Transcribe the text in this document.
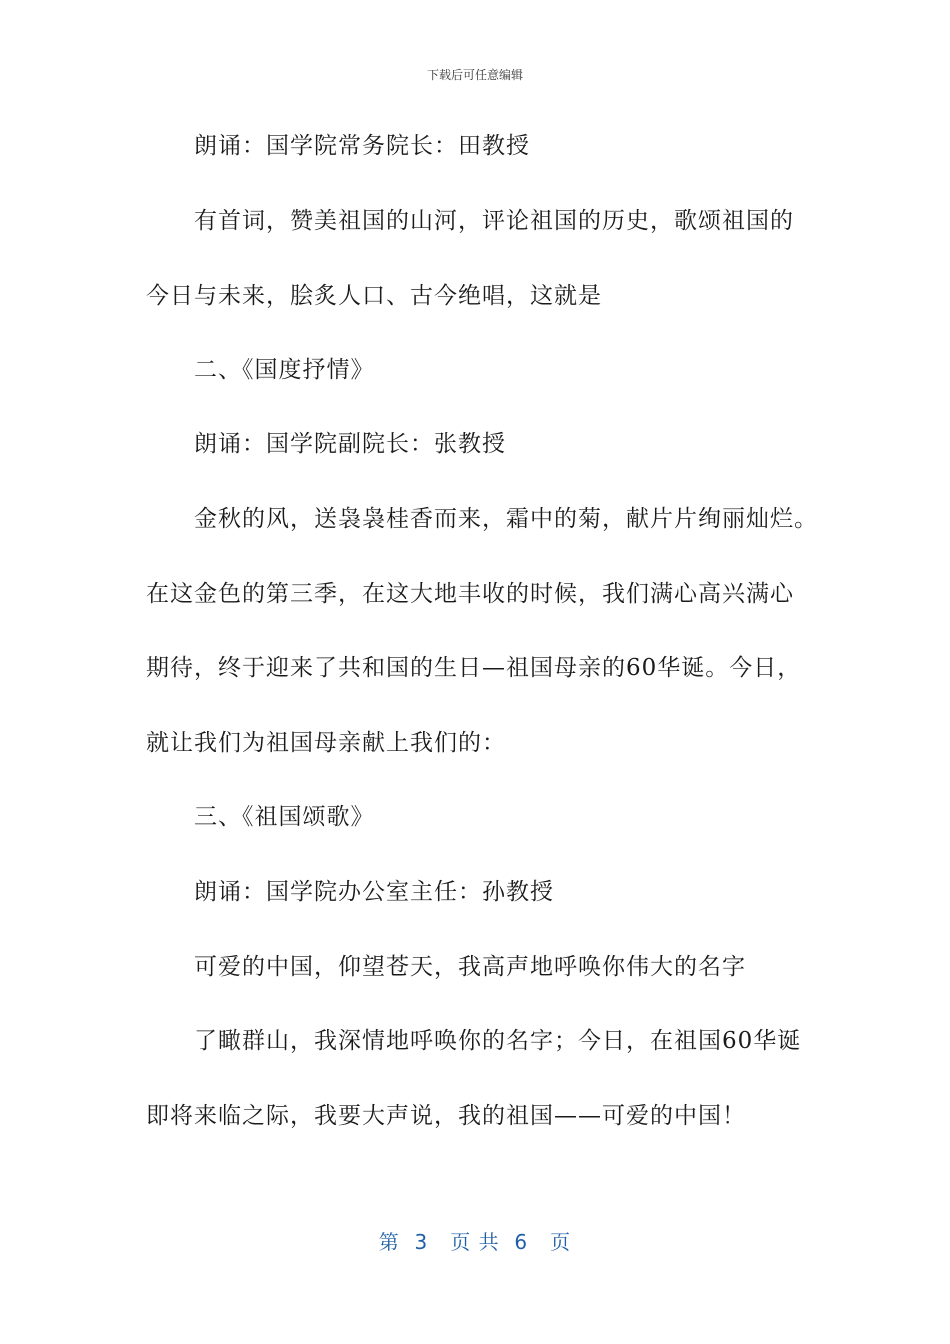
下载后可任意编辑
朗诵：国学院常务院长：田教授
有首词，赞美祖国的山河，评论祖国的历史，歌颂祖国的
今日与未来，脍炙人口、古今绝唱，这就是
二、《国度抒情》
朗诵：国学院副院长：张教授
金秋的风，送袅袅桂香而来，霜中的菊，献片片绚丽灿烂。
在这金色的第三季，在这大地丰收的时候，我们满心高兴满心
期待，终于迎来了共和国的生日—祖国母亲的60华诞。今日，
就让我们为祖国母亲献上我们的：
三、《祖国颂歌》
朗诵：国学院办公室主任：孙教授
可爱的中国，仰望苍天，我高声地呼唤你伟大的名字
了瞰群山，我深情地呼唤你的名字；今日，在祖国60华诞
即将来临之际，我要大声说，我的祖国——可爱的中国！
第  3   页 共  6   页
